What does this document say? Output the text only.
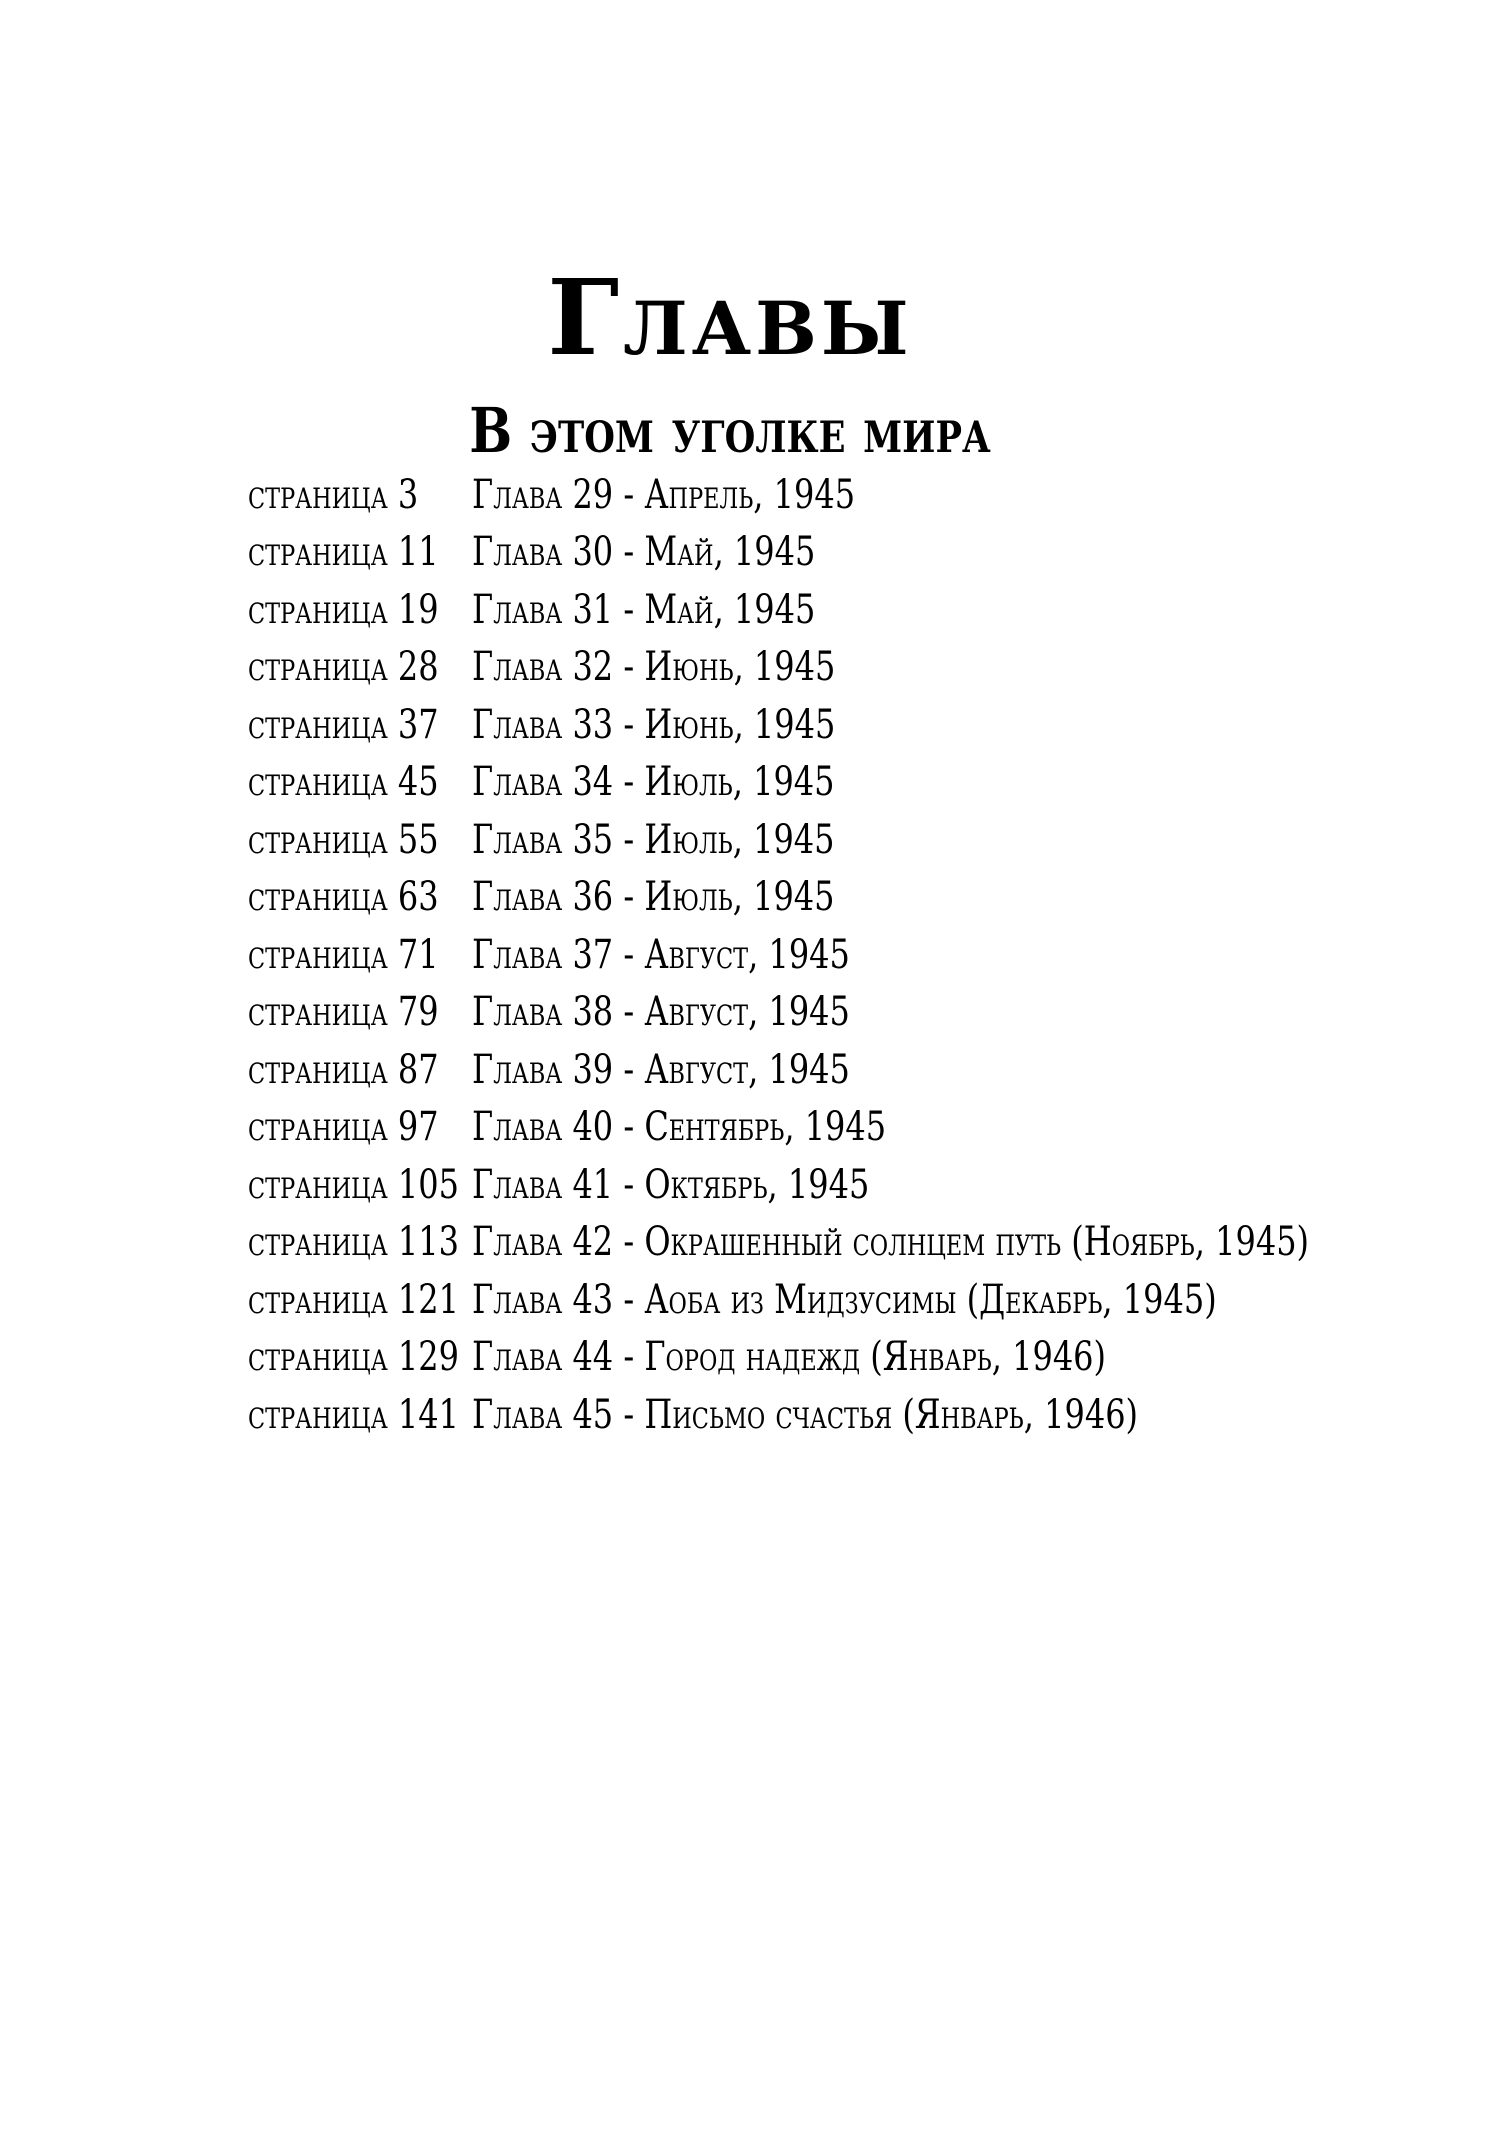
Главы
В этом уголке мира
страница 3 Глава 29 - Апрель, 1945
страница 11 Глава 30 - Май, 1945
страница 19 Глава 31 - Май, 1945
страница 28 Глава 32 - Июнь, 1945
страница 37 Глава 33 - Июнь, 1945
страница 45 Глава 34 - Июль, 1945
страница 55 Глава 35 - Июль, 1945
страница 63 Глава 36 - Июль, 1945
страница 71 Глава 37 - Август, 1945
страница 79 Глава 38 - Август, 1945
страница 87 Глава 39 - Август, 1945
страница 97 Глава 40 - Сентябрь, 1945
страница 105 Глава 41 - Октябрь, 1945
страница 113 Глава 42 - Окрашенный солнцем путь (Ноябрь, 1945)
страница 121 Глава 43 - Аоба из Мидзусимы (Декабрь, 1945)
страница 129 Глава 44 - Город надежд (Январь, 1946)
страница 141 Глава 45 - Письмо счастья (Январь, 1946)
